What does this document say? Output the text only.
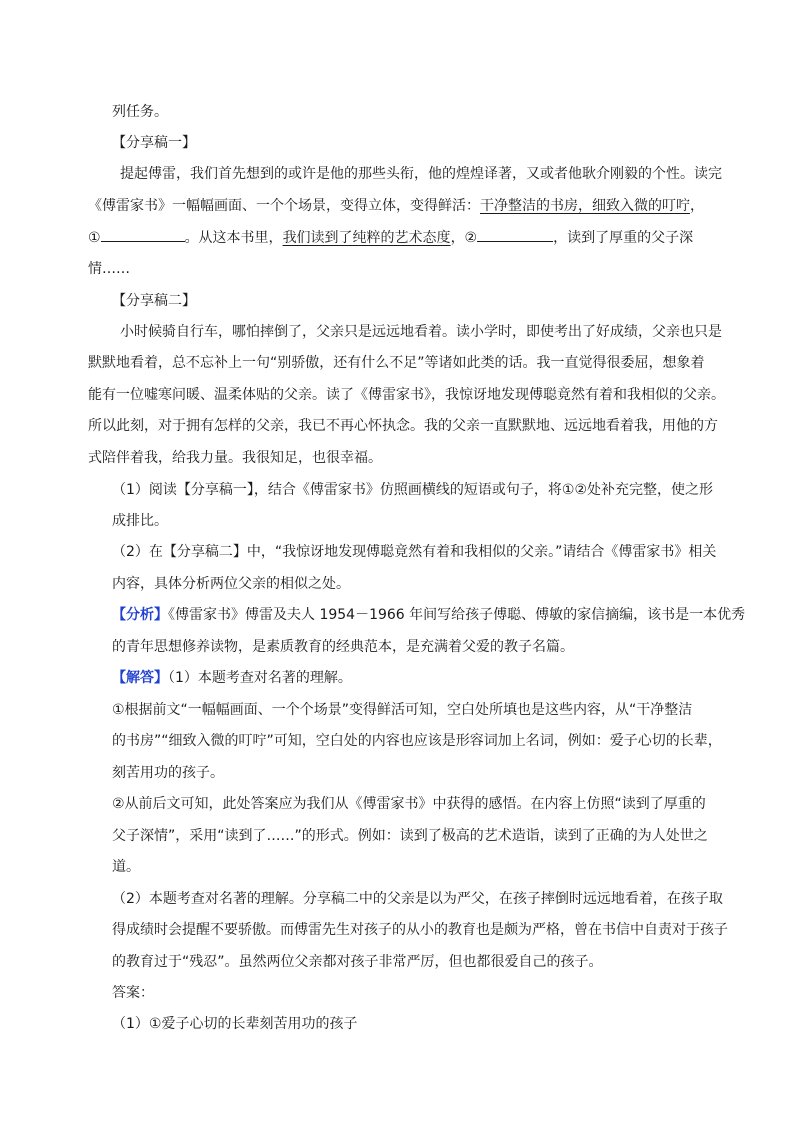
列任务。
【分享稿一】
提起傅雷，我们首先想到的或许是他的那些头衔，他的煌煌译著，又或者他耿介刚毅的个性。读完
《傅雷家书》一幅幅画面、一个个场景，变得立体，变得鲜活：干净整洁的书房，细致入微的叮咛，
①	。从这本书里，我们读到了纯粹的艺术态度，②	，读到了厚重的父子深
情……
【分享稿二】
小时候骑自行车，哪怕摔倒了，父亲只是远远地看着。读小学时，即使考出了好成绩，父亲也只是
默默地看着，总不忘补上一句“别骄傲，还有什么不足”等诸如此类的话。我一直觉得很委屈，想象着
能有一位嘘寒问暖、温柔体贴的父亲。读了《傅雷家书》，我惊讶地发现傅聪竟然有着和我相似的父亲。
所以此刻，对于拥有怎样的父亲，我已不再心怀执念。我的父亲一直默默地、远远地看着我，用他的方
式陪伴着我，给我力量。我很知足，也很幸福。
（1）阅读【分享稿一】，结合《傅雷家书》仿照画横线的短语或句子，将①②处补充完整，使之形
成排比。
（2）在【分享稿二】中，“我惊讶地发现傅聪竟然有着和我相似的父亲。”请结合《傅雷家书》相关
内容，具体分析两位父亲的相似之处。
【分析】《傅雷家书》傅雷及夫人 1954－1966 年间写给孩子傅聪、傅敏的家信摘编，该书是一本优秀
的青年思想修养读物，是素质教育的经典范本，是充满着父爱的教子名篇。
【解答】（1）本题考查对名著的理解。
①根据前文“一幅幅画面、一个个场景”变得鲜活可知，空白处所填也是这些内容，从“干净整洁
的书房”“细致入微的叮咛”可知，空白处的内容也应该是形容词加上名词，例如：爱子心切的长辈，
刻苦用功的孩子。
②从前后文可知，此处答案应为我们从《傅雷家书》中获得的感悟。在内容上仿照“读到了厚重的
父子深情”，采用“读到了……”的形式。例如：读到了极高的艺术造诣，读到了正确的为人处世之
道。
（2）本题考查对名著的理解。分享稿二中的父亲是以为严父，在孩子摔倒时远远地看着，在孩子取
得成绩时会提醒不要骄傲。而傅雷先生对孩子的从小的教育也是颇为严格，曾在书信中自责对于孩子
的教育过于“残忍”。虽然两位父亲都对孩子非常严厉，但也都很爱自己的孩子。
答案：
（1）①爱子心切的长辈刻苦用功的孩子
